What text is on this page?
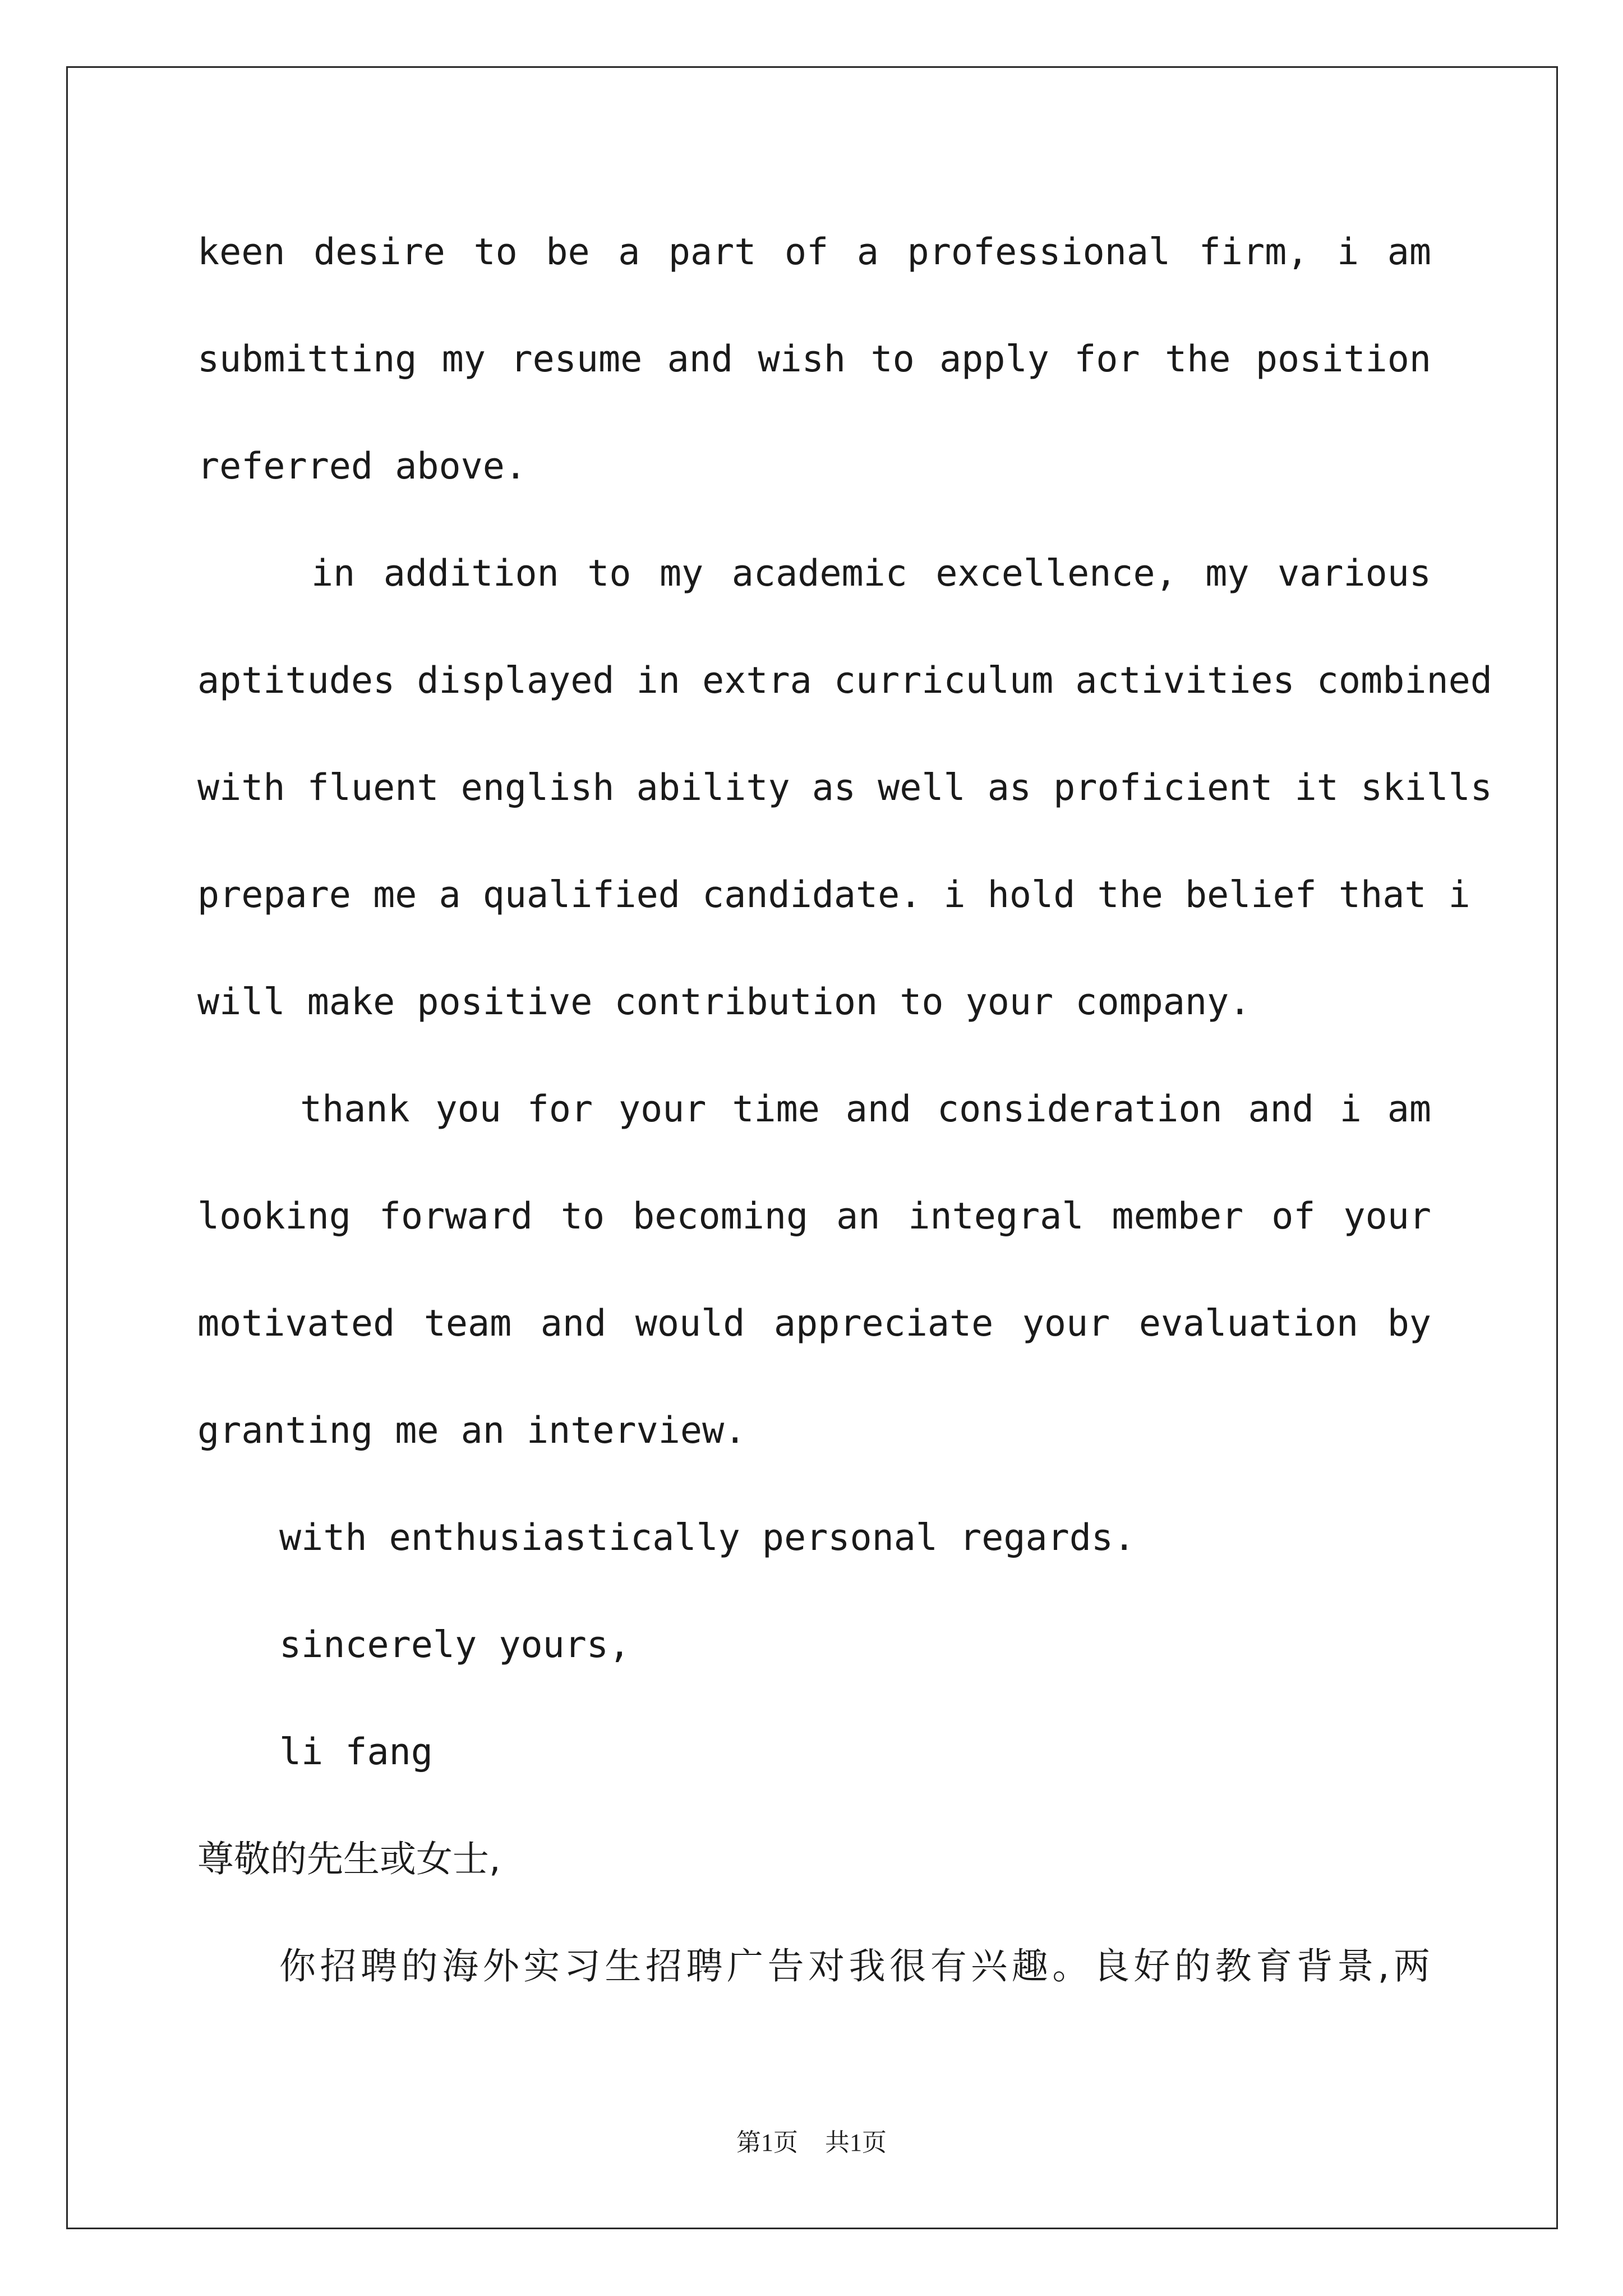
keen desire to be a part of a professional firm, i am
submitting my resume and wish to apply for the position
referred above.
in addition to my academic excellence, my various
aptitudes displayed in extra curriculum activities combined
with fluent english ability as well as proficient it skills
prepare me a qualified candidate. i hold the belief that i
will make positive contribution to your company.
thank you for your time and consideration and i am
looking forward to becoming an integral member of your
motivated team and would appreciate your evaluation by
granting me an interview.
with enthusiastically personal regards.
sincerely yours,
li fang
尊敬的先生或女士,
你招聘的海外实习生招聘广告对我很有兴趣。良好的教育背景,两
第1页 共1页
